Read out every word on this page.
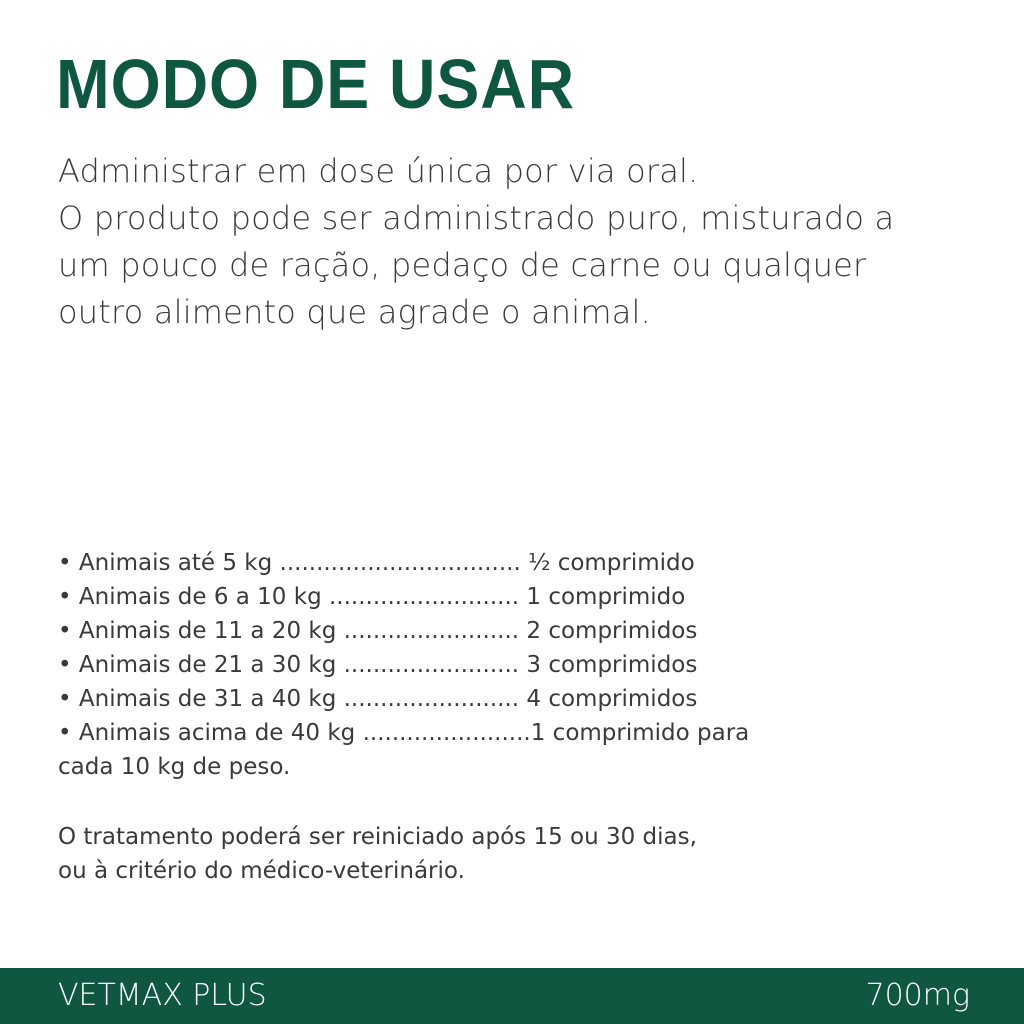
MODO DE USAR
Administrar em dose única por via oral.
O produto pode ser administrado puro, misturado a
um pouco de ração, pedaço de carne ou qualquer
outro alimento que agrade o animal.
• Animais até 5 kg ................................. ½ comprimido
• Animais de 6 a 10 kg .......................... 1 comprimido
• Animais de 11 a 20 kg ........................ 2 comprimidos
• Animais de 21 a 30 kg ........................ 3 comprimidos
• Animais de 31 a 40 kg ........................ 4 comprimidos
• Animais acima de 40 kg .......................1 comprimido para
cada 10 kg de peso.
O tratamento poderá ser reiniciado após 15 ou 30 dias,
ou à critério do médico-veterinário.
VETMAX PLUS	700mg
